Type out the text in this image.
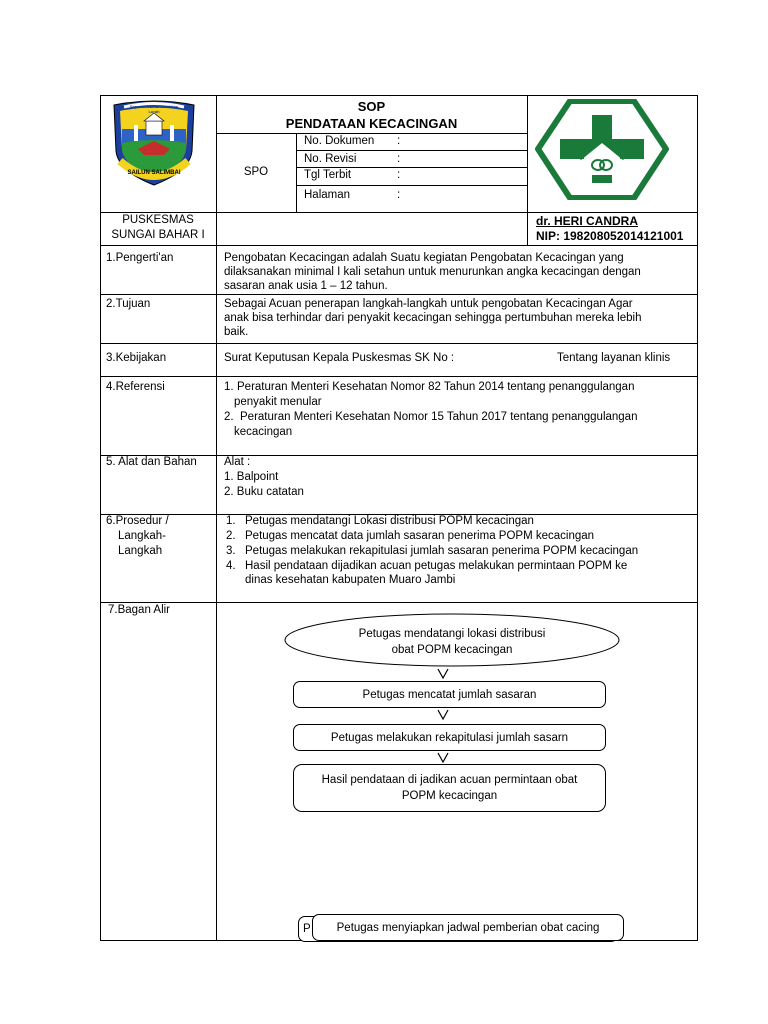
Sepucuk Jambi Sembilan Lurah
SAILUN SALIMBAI
SOP
PENDATAAN KECACINGAN
SPO
No. Dokumen :
No. Revisi	:
Tgl Terbit	:
Halaman	:
PUSKESMAS
SUNGAI BAHAR I
dr. HERI CANDRA
NIP: 198208052014121001
1.Pengerti'an	Pengobatan Kecacingan adalah Suatu kegiatan Pengobatan Kecacingan yang
dilaksanakan minimal I kali setahun untuk menurunkan angka kecacingan dengan
sasaran anak usia 1 – 12 tahun.
2.Tujuan	Sebagai Acuan penerapan langkah-langkah untuk pengobatan Kecacingan Agar
anak bisa terhindar dari penyakit kecacingan sehingga pertumbuhan mereka lebih
baik.
3.Kebijakan	Surat Keputusan Kepala Puskesmas SK No :	Tentang layanan klinis
4.Referensi	1. Peraturan Menteri Kesehatan Nomor 82 Tahun 2014 tentang penanggulangan
penyakit menular
2. Peraturan Menteri Kesehatan Nomor 15 Tahun 2017 tentang penanggulangan
kecacingan
5. Alat dan Bahan Alat :
1. Balpoint
2. Buku catatan
6.Prosedur /
Langkah-
Langkah
1. Petugas mendatangi Lokasi distribusi POPM kecacingan
2. Petugas mencatat data jumlah sasaran penerima POPM kecacingan
3. Petugas melakukan rekapitulasi jumlah sasaran penerima POPM kecacingan
4. Hasil pendataan dijadikan acuan petugas melakukan permintaan POPM ke
dinas kesehatan kabupaten Muaro Jambi
7.Bagan Alir
Petugas mendatangi lokasi distribusi
obat POPM kecacingan
Petugas mencatat jumlah sasaran
Petugas melakukan rekapitulasi jumlah sasarn
Hasil pendataan di jadikan acuan permintaan obat
POPM kecacingan
P Petugas menyiapkan jadwal pemberian obat cacing
